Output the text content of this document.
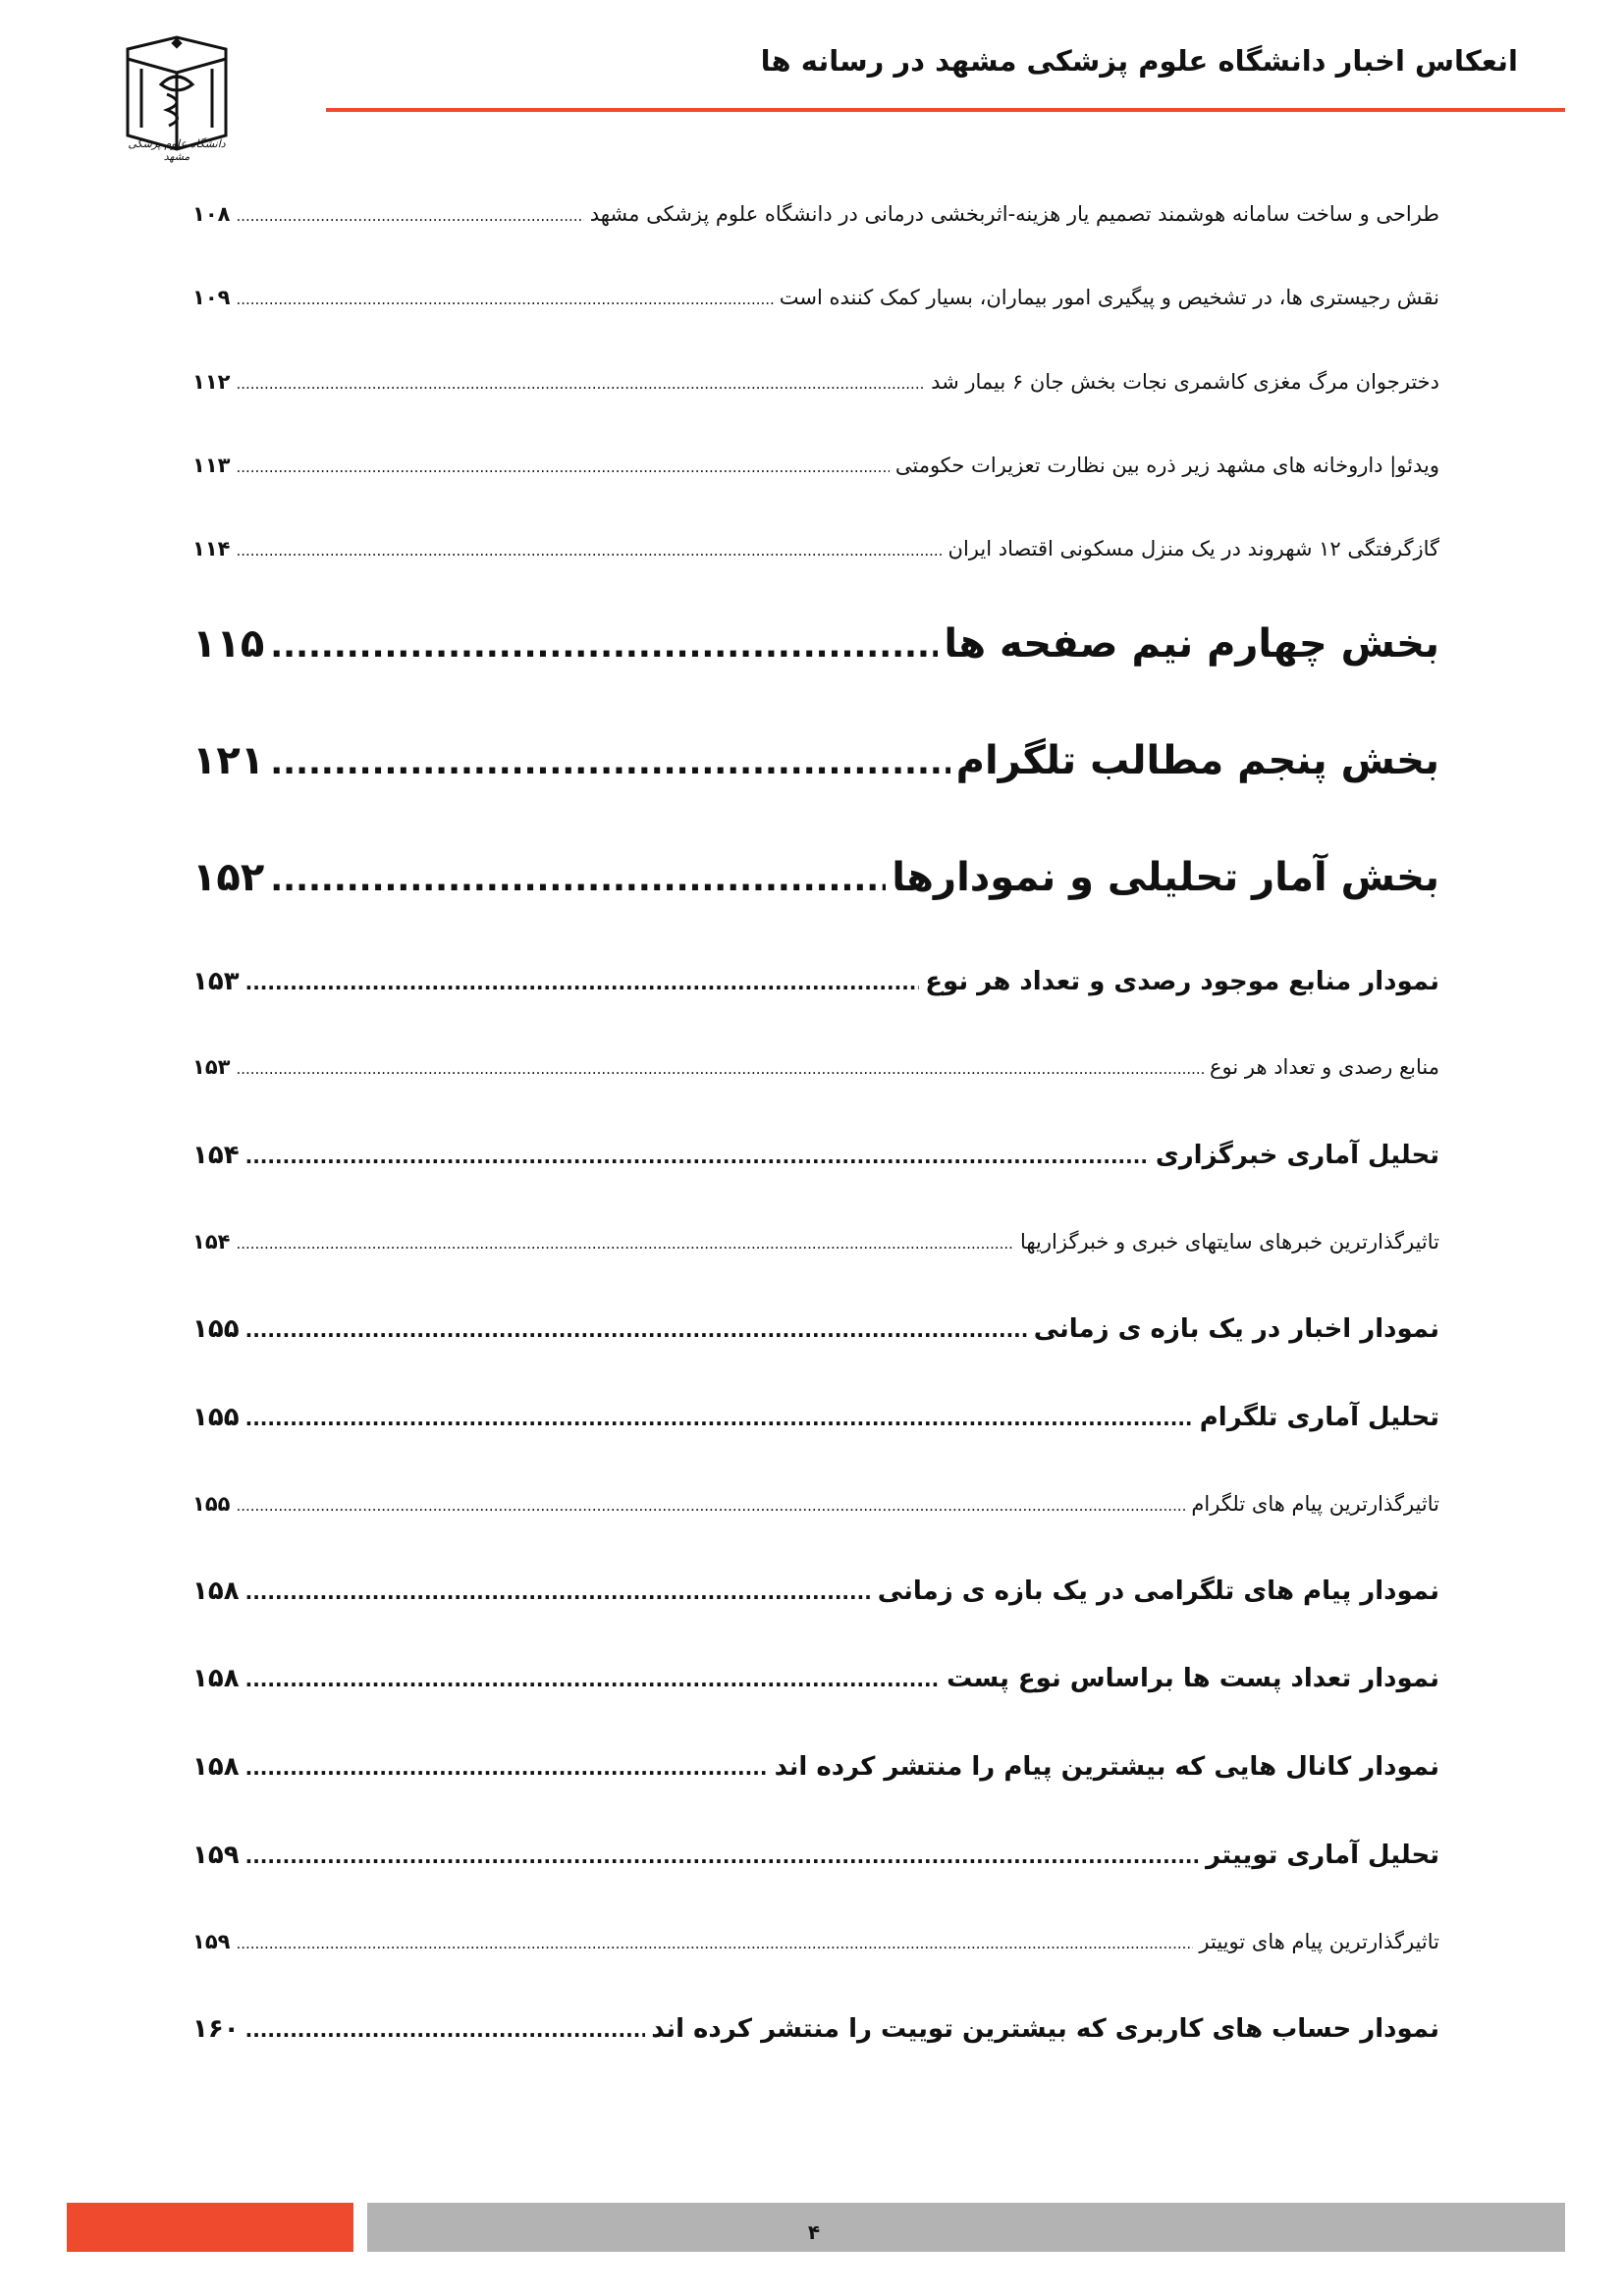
دانشگاه علوم پزشکی مشهد
انعکاس اخبار دانشگاه علوم پزشکی مشهد در رسانه ها
طراحی و ساخت سامانه هوشمند تصمیم یار هزینه-اثربخشی درمانی در دانشگاه علوم پزشکی مشهد
.....
۱۰۸
نقش رجیستری ها، در تشخیص و پیگیری امور بیماران، بسیار کمک کننده است
.....
۱۰۹
دخترجوان مرگ مغزی کاشمری نجات بخش جان ۶ بیمار شد
.....
۱۱۲
ویدئو| داروخانه های مشهد زیر ذره بین نظارت تعزیرات حکومتی
.....
۱۱۳
گازگرفتگی ۱۲ شهروند در یک منزل مسکونی اقتصاد ایران
.....
۱۱۴
بخش چهارم نیم صفحه ها
.....
۱۱۵
بخش پنجم مطالب تلگرام
.....
۱۲۱
بخش آمار تحلیلی و نمودارها
.....
۱۵۲
نمودار منابع موجود رصدی و تعداد هر نوع
.....
۱۵۳
منابع رصدی و تعداد هر نوع
.....
۱۵۳
تحلیل آماری خبرگزاری
.....
۱۵۴
تاثیرگذارترین خبرهای سایتهای خبری و خبرگزاریها
.....
۱۵۴
نمودار اخبار در یک بازه ی زمانی
.....
۱۵۵
تحلیل آماری تلگرام
.....
۱۵۵
تاثیرگذارترین پیام های تلگرام
.....
۱۵۵
نمودار پیام های تلگرامی در یک بازه ی زمانی
.....
۱۵۸
نمودار تعداد پست ها براساس نوع پست
.....
۱۵۸
نمودار کانال هایی که بیشترین پیام را منتشر کرده اند
.....
۱۵۸
تحلیل آماری توییتر
.....
۱۵۹
تاثیرگذارترین پیام های توییتر
.....
۱۵۹
نمودار حساب های کاربری که بیشترین توییت را منتشر کرده اند
.....
۱۶۰
۴
